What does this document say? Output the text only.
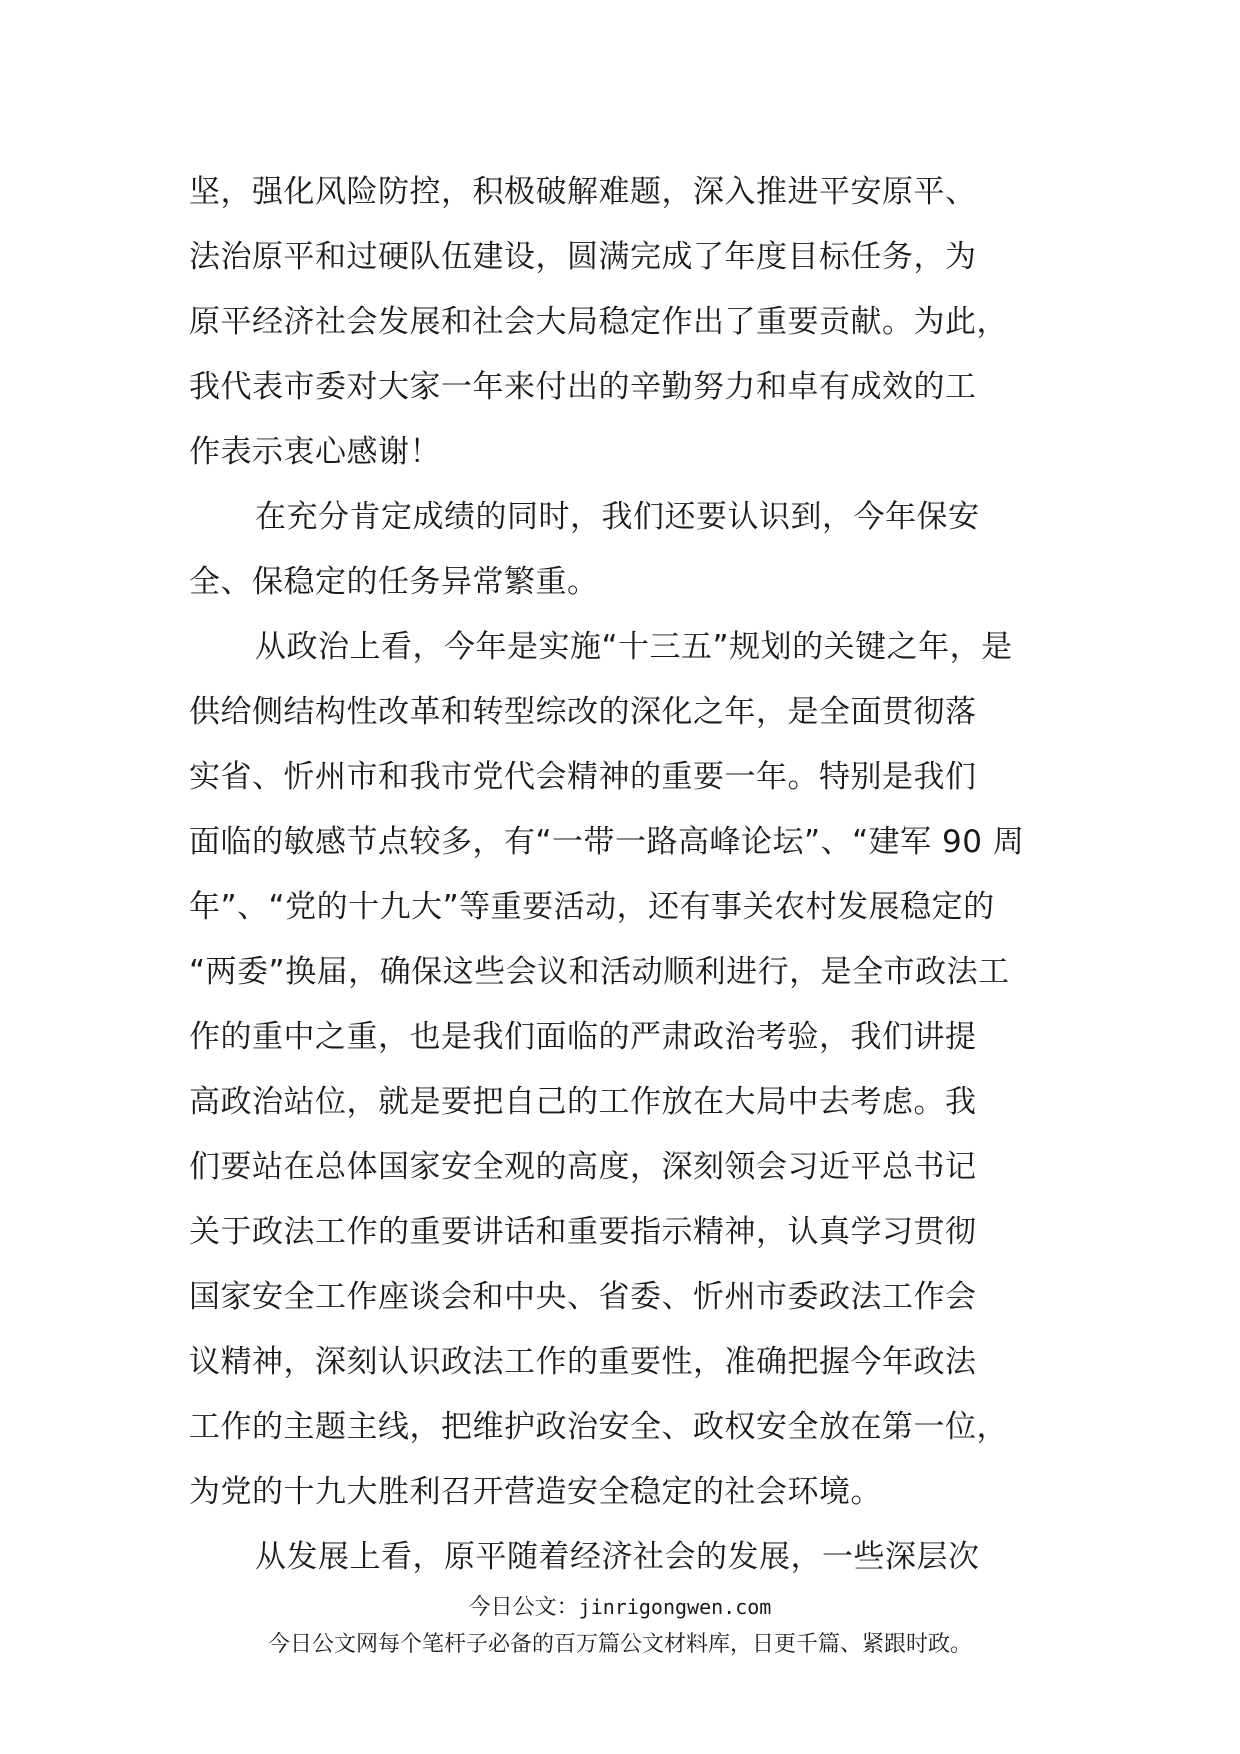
坚，强化风险防控，积极破解难题，深入推进平安原平、
法治原平和过硬队伍建设，圆满完成了年度目标任务，为
原平经济社会发展和社会大局稳定作出了重要贡献。为此，
我代表市委对大家一年来付出的辛勤努力和卓有成效的工
作表示衷心感谢！
在充分肯定成绩的同时，我们还要认识到，今年保安
全、保稳定的任务异常繁重。
从政治上看，今年是实施“十三五”规划的关键之年，是
供给侧结构性改革和转型综改的深化之年，是全面贯彻落
实省、忻州市和我市党代会精神的重要一年。特别是我们
面临的敏感节点较多，有“一带一路高峰论坛”、“建军 90 周
年”、“党的十九大”等重要活动，还有事关农村发展稳定的
“两委”换届，确保这些会议和活动顺利进行，是全市政法工
作的重中之重，也是我们面临的严肃政治考验，我们讲提
高政治站位，就是要把自己的工作放在大局中去考虑。我
们要站在总体国家安全观的高度，深刻领会习近平总书记
关于政法工作的重要讲话和重要指示精神，认真学习贯彻
国家安全工作座谈会和中央、省委、忻州市委政法工作会
议精神，深刻认识政法工作的重要性，准确把握今年政法
工作的主题主线，把维护政治安全、政权安全放在第一位，
为党的十九大胜利召开营造安全稳定的社会环境。
从发展上看，原平随着经济社会的发展，一些深层次
今日公文：jinrigongwen.com
今日公文网每个笔杆子必备的百万篇公文材料库，日更千篇、紧跟时政。
